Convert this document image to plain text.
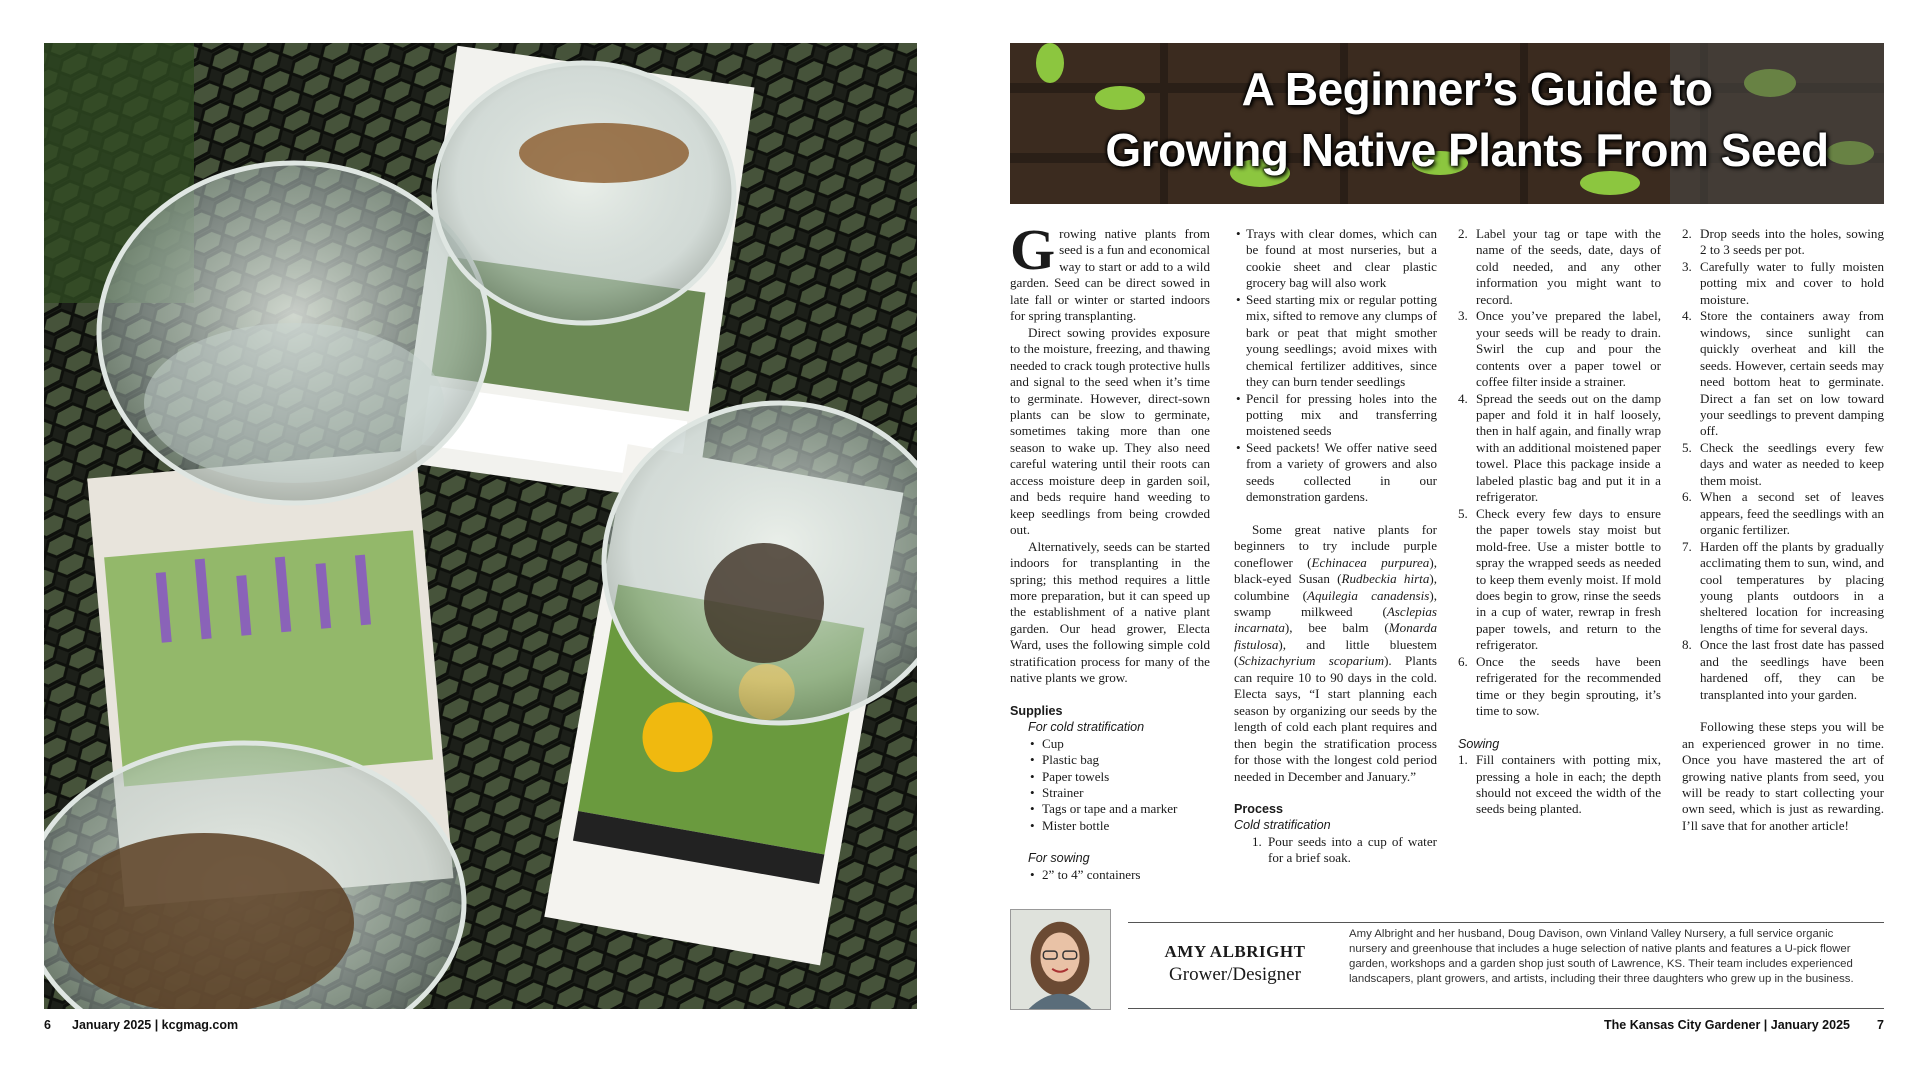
A Beginner’s Guide to
Growing Native Plants From Seed

Growing native plants from seed is a fun and economical way to start or add to a wild garden. Seed can be direct sowed in late fall or winter or started indoors for spring transplanting.

Direct sowing provides exposure to the moisture, freezing, and thawing needed to crack tough protective hulls and signal to the seed when it’s time to germinate. However, direct-sown plants can be slow to germinate, sometimes taking more than one season to wake up. They also need careful watering until their roots can access moisture deep in garden soil, and beds require hand weeding to keep seedlings from being crowded out.

Alternatively, seeds can be started indoors for transplanting in the spring; this method requires a little more preparation, but it can speed up the establishment of a native plant garden. Our head grower, Electa Ward, uses the following simple cold stratification process for many of the native plants we grow.

Supplies
For cold stratification
• Cup
• Plastic bag
• Paper towels
• Strainer
• Tags or tape and a marker
• Mister bottle
For sowing
• 2” to 4” containers
• Trays with clear domes, which can be found at most nurseries, but a cookie sheet and clear plastic grocery bag will also work
• Seed starting mix or regular potting mix, sifted to remove any clumps of bark or peat that might smother young seedlings; avoid mixes with chemical fertilizer additives, since they can burn tender seedlings
• Pencil for pressing holes into the potting mix and transferring moistened seeds
• Seed packets! We offer native seed from a variety of growers and also seeds collected in our demonstration gardens.

Some great native plants for beginners to try include purple coneflower (Echinacea purpurea), black-eyed Susan (Rudbeckia hirta), columbine (Aquilegia canadensis), swamp milkweed (Asclepias incarnata), bee balm (Monarda fistulosa), and little bluestem (Schizachyrium scoparium). Plants can require 10 to 90 days in the cold. Electa says, “I start planning each season by organizing our seeds by the length of cold each plant requires and then begin the stratification process for those with the longest cold period needed in December and January.”

Process
Cold stratification
1. Pour seeds into a cup of water for a brief soak.
2. Label your tag or tape with the name of the seeds, date, days of cold needed, and any other information you might want to record.
3. Once you’ve prepared the label, your seeds will be ready to drain. Swirl the cup and pour the contents over a paper towel or coffee filter inside a strainer.
4. Spread the seeds out on the damp paper and fold it in half loosely, then in half again, and finally wrap with an additional moistened paper towel. Place this package inside a labeled plastic bag and put it in a refrigerator.
5. Check every few days to ensure the paper towels stay moist but mold-free. Use a mister bottle to spray the wrapped seeds as needed to keep them evenly moist. If mold does begin to grow, rinse the seeds in a cup of water, rewrap in fresh paper towels, and return to the refrigerator.
6. Once the seeds have been refrigerated for the recommended time or they begin sprouting, it’s time to sow.
Sowing
1. Fill containers with potting mix, pressing a hole in each; the depth should not exceed the width of the seeds being planted.
2. Drop seeds into the holes, sowing 2 to 3 seeds per pot.
3. Carefully water to fully moisten potting mix and cover to hold moisture.
4. Store the containers away from windows, since sunlight can quickly overheat and kill the seeds. However, certain seeds may need bottom heat to germinate. Direct a fan set on low toward your seedlings to prevent damping off.
5. Check the seedlings every few days and water as needed to keep them moist.
6. When a second set of leaves appears, feed the seedlings with an organic fertilizer.
7. Harden off the plants by gradually acclimating them to sun, wind, and cool temperatures by placing young plants outdoors in a sheltered location for increasing lengths of time for several days.
8. Once the last frost date has passed and the seedlings have been hardened off, they can be transplanted into your garden.

Following these steps you will be an experienced grower in no time. Once you have mastered the art of growing native plants from seed, you will be ready to start collecting your own seed, which is just as rewarding. I’ll save that for another article!

AMY ALBRIGHT
Grower/Designer
Amy Albright and her husband, Doug Davison, own Vinland Valley Nursery, a full service organic nursery and greenhouse that includes a huge selection of native plants and features a U-pick flower garden, workshops and a garden shop just south of Lawrence, KS. Their team includes experienced landscapers, plant growers, and artists, including their three daughters who grew up in the business.
6 January 2025 | kcgmag.com	The Kansas City Gardener | January 2025 7
